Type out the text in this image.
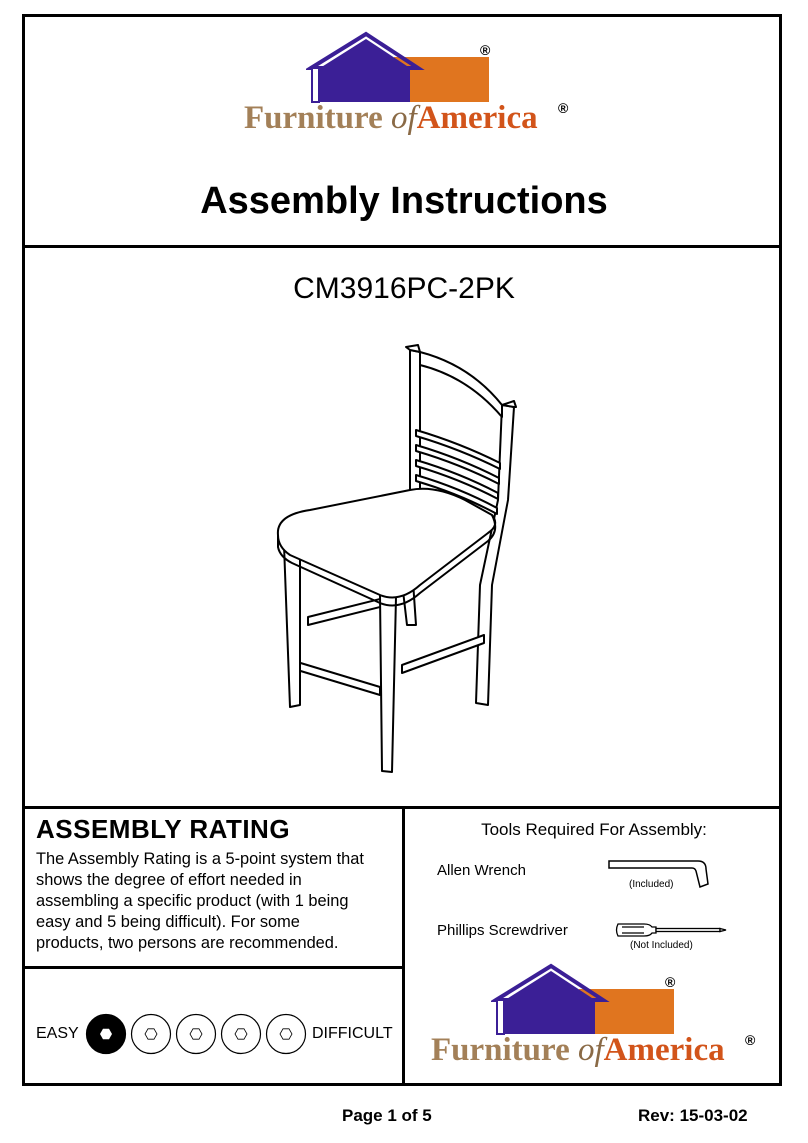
®
Furniture ofAmerica ®
Assembly Instructions
CM3916PC-2PK
ASSEMBLY RATING
The Assembly Rating is a 5-point system that
shows the degree of effort needed in
assembling a specific product (with 1 being
easy and 5 being difficult). For some
products, two persons are recommended.
EASY	DIFFICULT
Tools Required For Assembly:
Allen Wrench
(Included)
Phillips Screwdriver
(Not Included)
®
Furniture ofAmerica ®
Page 1 of 5	Rev: 15-03-02
